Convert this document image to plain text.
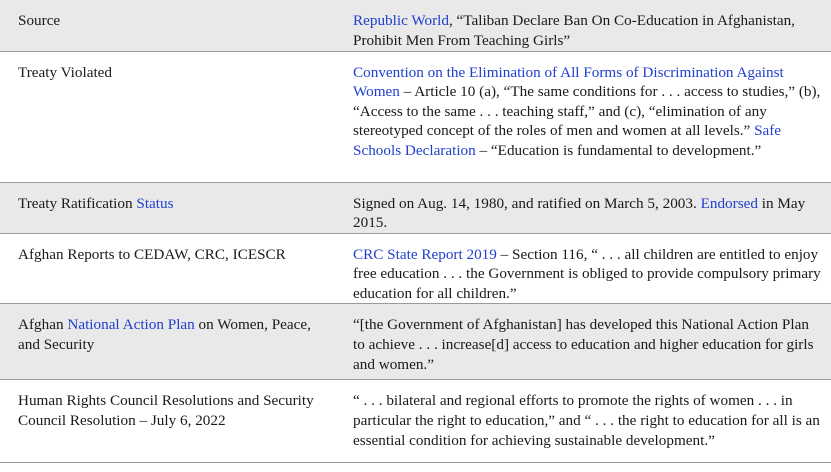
Source	Republic World, “Taliban Declare Ban On Co-Education in Afghanistan, Prohibit Men From Teaching Girls”
Treaty Violated	Convention on the Elimination of All Forms of Discrimination Against Women – Article 10 (a), “The same conditions for . . . access to studies,” (b), “Access to the same . . . teaching staff,” and (c), “elimination of any stereotyped concept of the roles of men and women at all levels.” Safe Schools Declaration – “Education is fundamental to development.”
Treaty Ratification Status	Signed on Aug. 14, 1980, and ratified on March 5, 2003. Endorsed in May 2015.
Afghan Reports to CEDAW, CRC, ICESCR	CRC State Report 2019 – Section 116, “ . . . all children are entitled to enjoy free education . . . the Government is obliged to provide compulsory primary education for all children.”
Afghan National Action Plan on Women, Peace, and Security	“[the Government of Afghanistan] has developed this National Action Plan to achieve . . . increase[d] access to education and higher education for girls and women.”
Human Rights Council Resolutions and Security Council Resolution – July 6, 2022	“ . . . bilateral and regional efforts to promote the rights of women . . . in particular the right to education,” and “ . . . the right to education for all is an essential condition for achieving sustainable development.”
